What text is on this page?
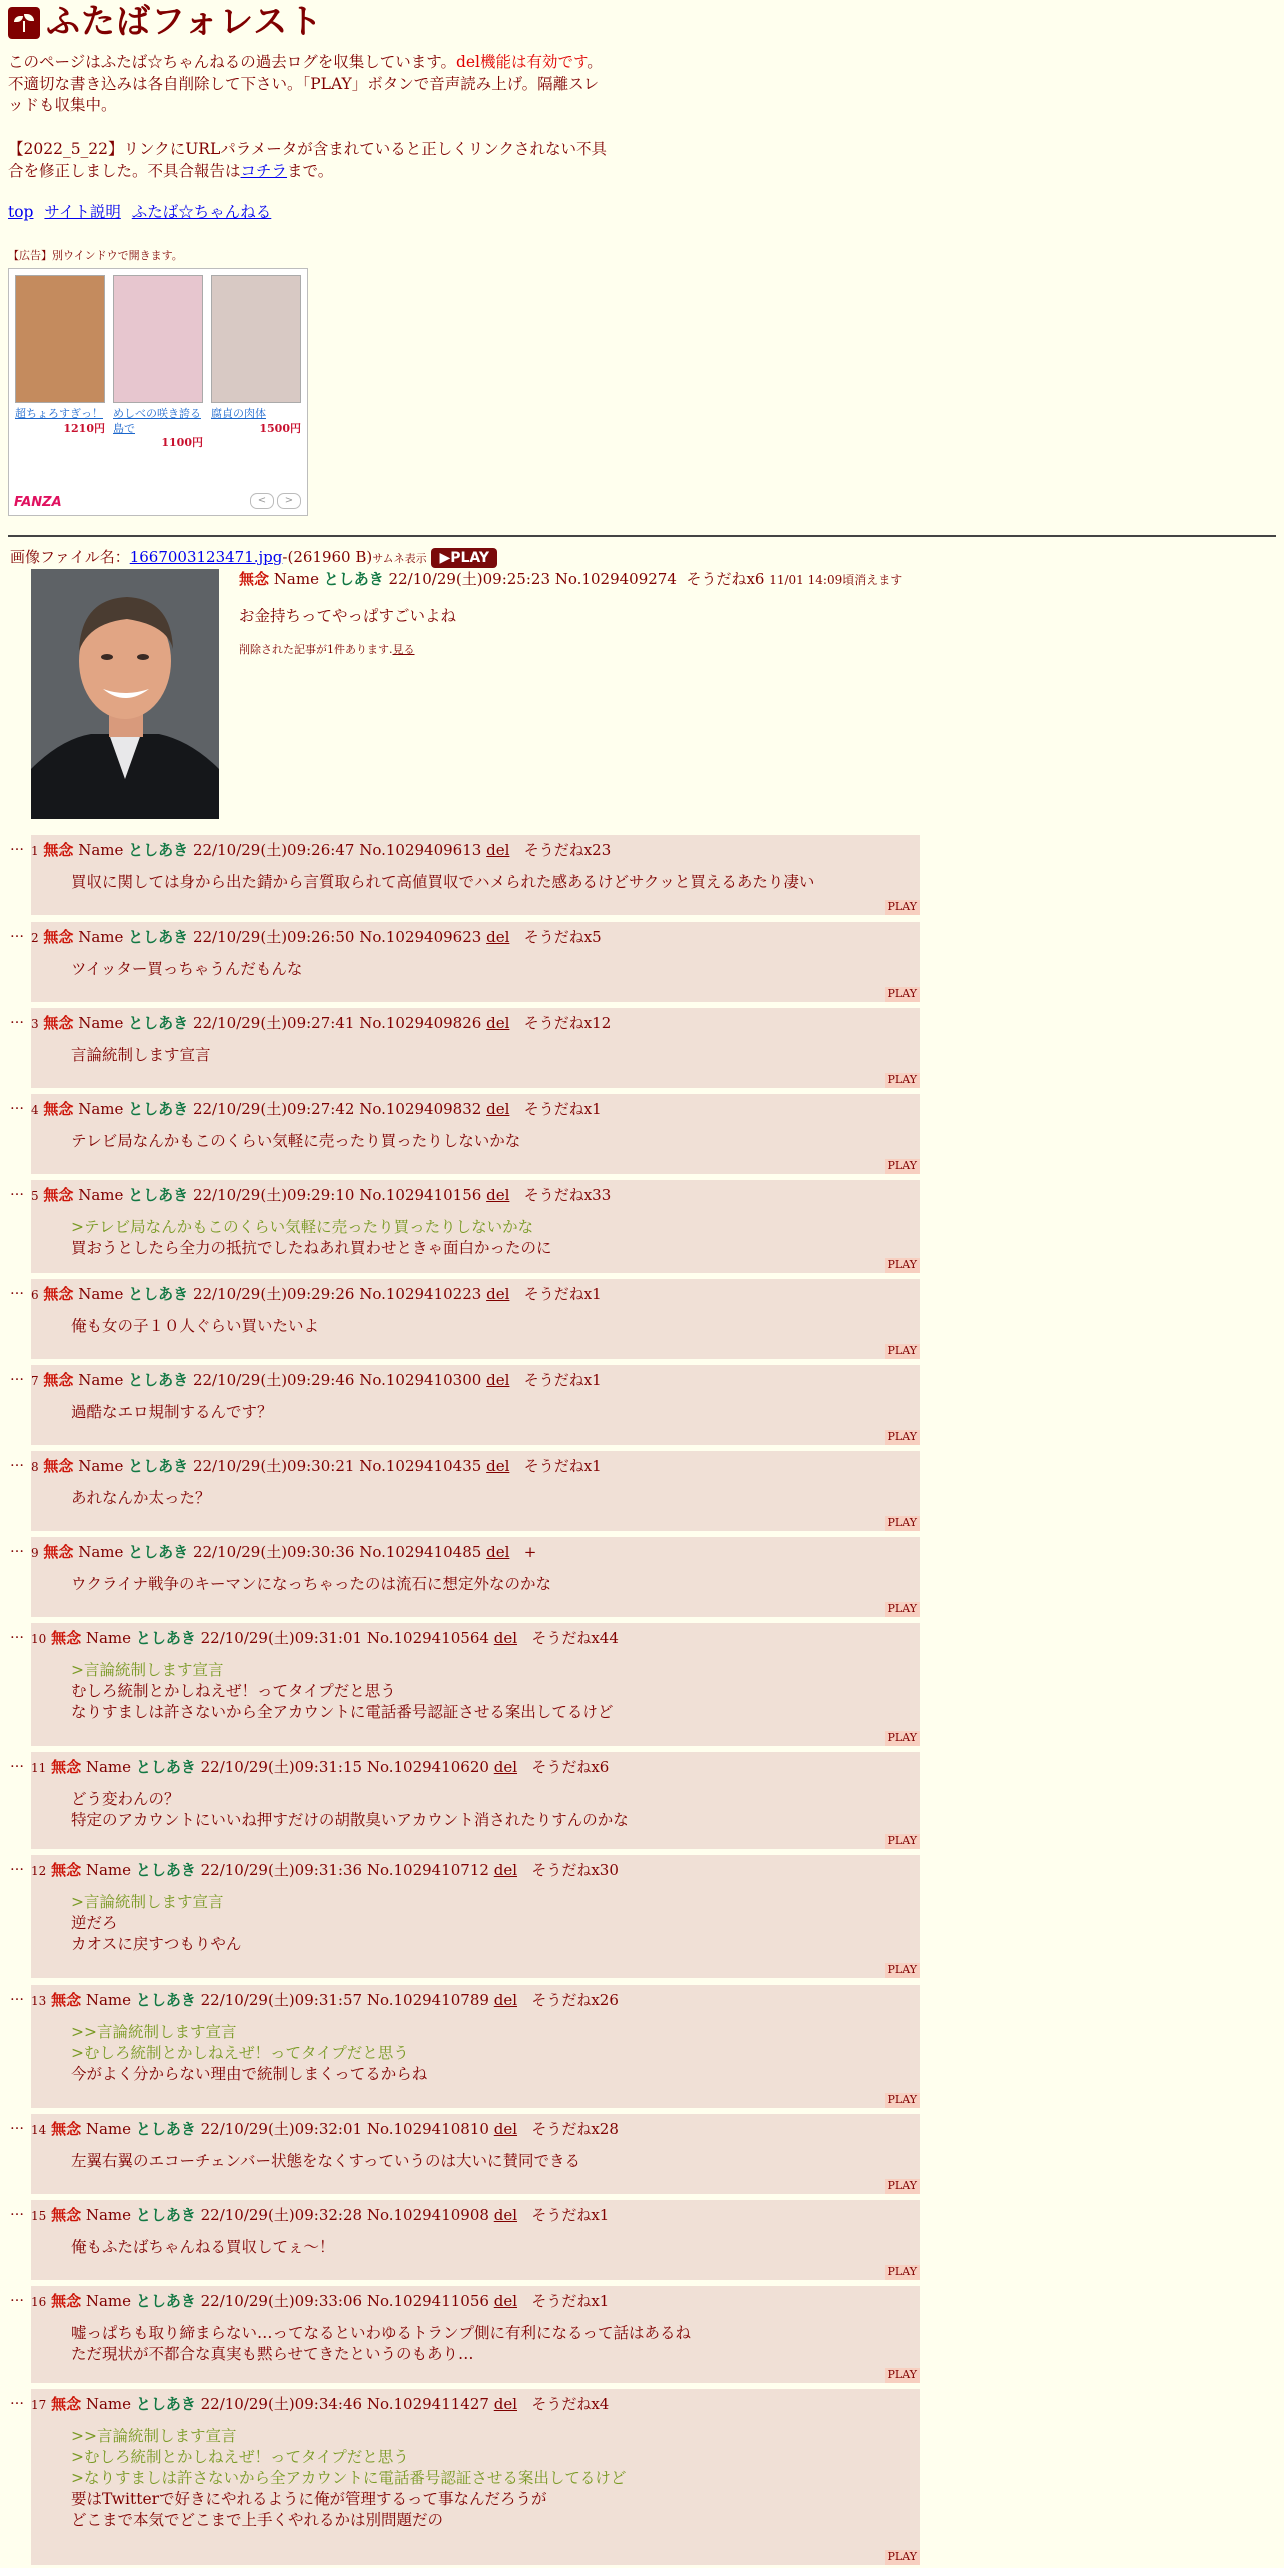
ふたばフォレスト
このページはふたば☆ちゃんねるの過去ログを収集しています。del機能は有効です。不適切な書き込みは各自削除して下さい。「PLAY」ボタンで音声読み上げ。隔離スレッドも収集中。
【2022_5_22】リンクにURLパラメータが含まれていると正しくリンクされない不具合を修正しました。不具合報告はコチラまで。
top サイト説明 ふたば☆ちゃんねる
【広告】別ウインドウで開きます。
超ちょろすぎっ！
1210円
めしべの咲き誇る島で
1100円
腐貞の肉体
1500円
FANZA	<	>
画像ファイル名：1667003123471.jpg-(261960 B)サムネ表示 ▶PLAY
無念 Name としあき 22/10/29(土)09:25:23 No.1029409274 そうだねx6 11/01 14:09頃消えます
お金持ちってやっぱすごいよね
削除された記事が1件あります.見る
… 1 無念 Name としあき 22/10/29(土)09:26:47 No.1029409613 del そうだねx23
買収に関しては身から出た錆から言質取られて高値買収でハメられた感あるけどサクッと買えるあたり凄い
PLAY
… 2 無念 Name としあき 22/10/29(土)09:26:50 No.1029409623 del そうだねx5
ツイッター買っちゃうんだもんな
PLAY
… 3 無念 Name としあき 22/10/29(土)09:27:41 No.1029409826 del そうだねx12
言論統制します宣言
PLAY
… 4 無念 Name としあき 22/10/29(土)09:27:42 No.1029409832 del そうだねx1
テレビ局なんかもこのくらい気軽に売ったり買ったりしないかな
PLAY
… 5 無念 Name としあき 22/10/29(土)09:29:10 No.1029410156 del そうだねx33
>テレビ局なんかもこのくらい気軽に売ったり買ったりしないかな
買おうとしたら全力の抵抗でしたねあれ買わせときゃ面白かったのに
PLAY
… 6 無念 Name としあき 22/10/29(土)09:29:26 No.1029410223 del そうだねx1
俺も女の子１０人ぐらい買いたいよ
PLAY
… 7 無念 Name としあき 22/10/29(土)09:29:46 No.1029410300 del そうだねx1
過酷なエロ規制するんです？
PLAY
… 8 無念 Name としあき 22/10/29(土)09:30:21 No.1029410435 del そうだねx1
あれなんか太った？
PLAY
… 9 無念 Name としあき 22/10/29(土)09:30:36 No.1029410485 del +
ウクライナ戦争のキーマンになっちゃったのは流石に想定外なのかな
PLAY
… 10 無念 Name としあき 22/10/29(土)09:31:01 No.1029410564 del そうだねx44
>言論統制します宣言
むしろ統制とかしねえぜ！ってタイプだと思う
なりすましは許さないから全アカウントに電話番号認証させる案出してるけど
PLAY
… 11 無念 Name としあき 22/10/29(土)09:31:15 No.1029410620 del そうだねx6
どう変わんの？
特定のアカウントにいいね押すだけの胡散臭いアカウント消されたりすんのかな
PLAY
… 12 無念 Name としあき 22/10/29(土)09:31:36 No.1029410712 del そうだねx30
>言論統制します宣言
逆だろ
カオスに戻すつもりやん
PLAY
… 13 無念 Name としあき 22/10/29(土)09:31:57 No.1029410789 del そうだねx26
>>言論統制します宣言
>むしろ統制とかしねえぜ！ってタイプだと思う
今がよく分からない理由で統制しまくってるからね
PLAY
… 14 無念 Name としあき 22/10/29(土)09:32:01 No.1029410810 del そうだねx28
左翼右翼のエコーチェンバー状態をなくすっていうのは大いに賛同できる
PLAY
… 15 無念 Name としあき 22/10/29(土)09:32:28 No.1029410908 del そうだねx1
俺もふたばちゃんねる買収してぇ〜！
PLAY
… 16 無念 Name としあき 22/10/29(土)09:33:06 No.1029411056 del そうだねx1
嘘っぱちも取り締まらない…ってなるといわゆるトランプ側に有利になるって話はあるね
ただ現状が不都合な真実も黙らせてきたというのもあり…
PLAY
… 17 無念 Name としあき 22/10/29(土)09:34:46 No.1029411427 del そうだねx4
>>言論統制します宣言
>むしろ統制とかしねえぜ！ってタイプだと思う
>なりすましは許さないから全アカウントに電話番号認証させる案出してるけど
要はTwitterで好きにやれるように俺が管理するって事なんだろうが
どこまで本気でどこまで上手くやれるかは別問題だの
PLAY
